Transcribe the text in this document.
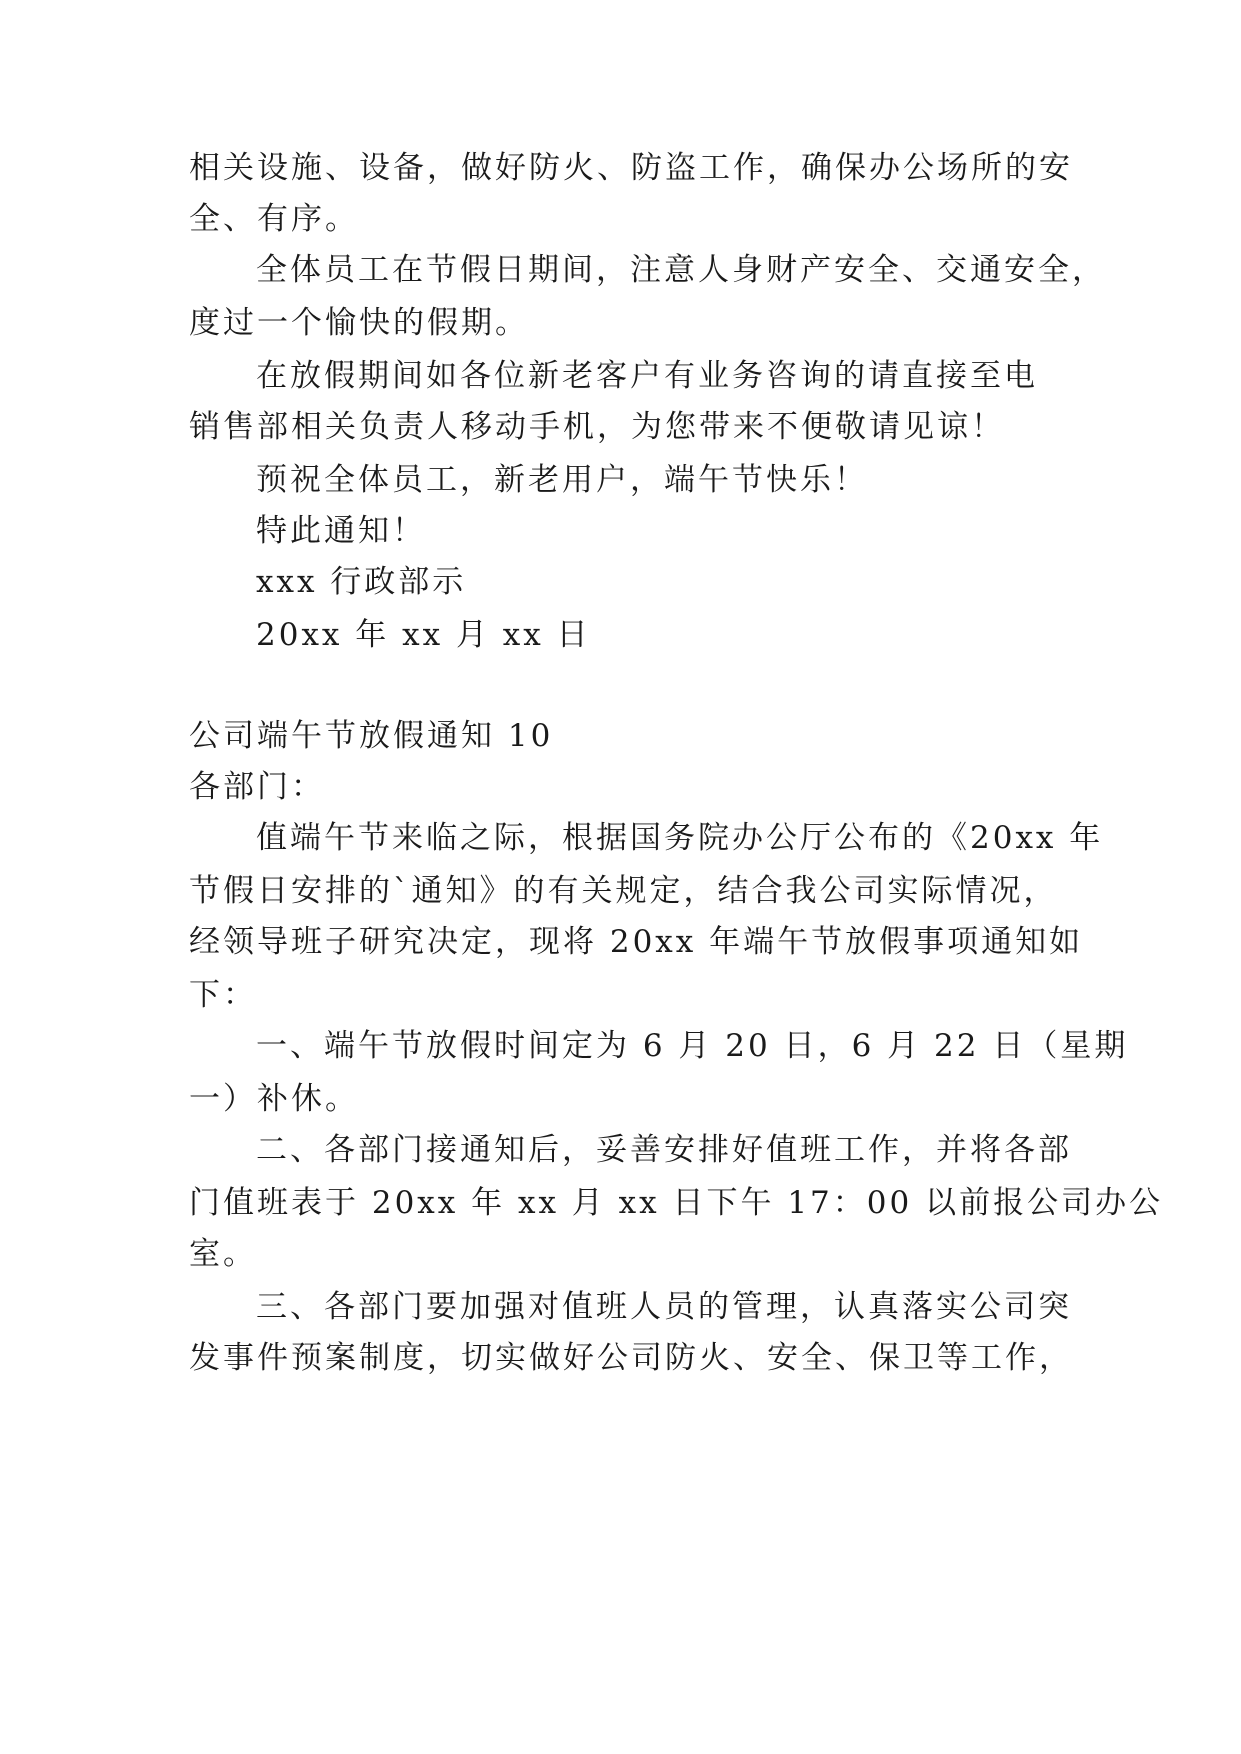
相关设施、设备，做好防火、防盗工作，确保办公场所的安
全、有序。
全体员工在节假日期间，注意人身财产安全、交通安全，
度过一个愉快的假期。
在放假期间如各位新老客户有业务咨询的请直接至电
销售部相关负责人移动手机，为您带来不便敬请见谅！
预祝全体员工，新老用户，端午节快乐！
特此通知！
xxx 行政部示
20xx 年 xx 月 xx 日
公司端午节放假通知 10
各部门：
值端午节来临之际，根据国务院办公厅公布的《20xx 年
节假日安排的`通知》的有关规定，结合我公司实际情况，
经领导班子研究决定，现将 20xx 年端午节放假事项通知如
下：
一、端午节放假时间定为 6 月 20 日，6 月 22 日（星期
一）补休。
二、各部门接通知后，妥善安排好值班工作，并将各部
门值班表于 20xx 年 xx 月 xx 日下午 17：00 以前报公司办公
室。
三、各部门要加强对值班人员的管理，认真落实公司突
发事件预案制度，切实做好公司防火、安全、保卫等工作，
